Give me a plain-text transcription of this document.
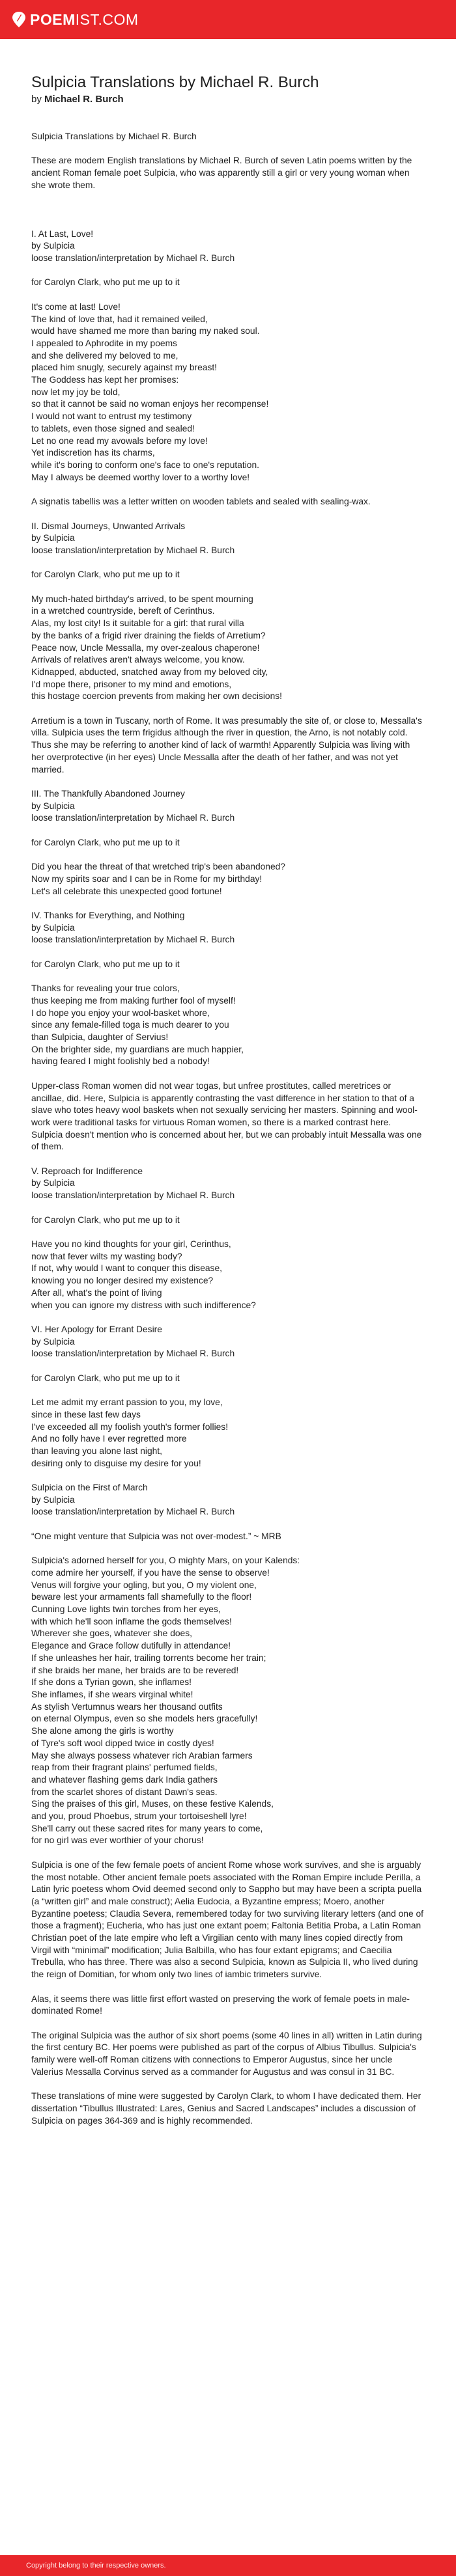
POEM IST.COM
Sulpicia Translations by Michael R. Burch
by Michael R. Burch
Sulpicia Translations by Michael R. Burch

These are modern English translations by Michael R. Burch of seven Latin poems written by the ancient Roman female poet Sulpicia, who was apparently still a girl or very young woman when she wrote them.

I. At Last, Love!
by Sulpicia
loose translation/interpretation by Michael R. Burch

for Carolyn Clark, who put me up to it

It's come at last! Love!
The kind of love that, had it remained veiled,
would have shamed me more than baring my naked soul.
I appealed to Aphrodite in my poems
and she delivered my beloved to me,
placed him snugly, securely against my breast!
The Goddess has kept her promises:
now let my joy be told,
so that it cannot be said no woman enjoys her recompense!
I would not want to entrust my testimony
to tablets, even those signed and sealed!
Let no one read my avowals before my love!
Yet indiscretion has its charms,
while it's boring to conform one's face to one's reputation.
May I always be deemed worthy lover to a worthy love!

A signatis tabellis was a letter written on wooden tablets and sealed with sealing-wax.

II. Dismal Journeys, Unwanted Arrivals
by Sulpicia
loose translation/interpretation by Michael R. Burch

for Carolyn Clark, who put me up to it

My much-hated birthday's arrived, to be spent mourning
in a wretched countryside, bereft of Cerinthus.
Alas, my lost city! Is it suitable for a girl: that rural villa
by the banks of a frigid river draining the fields of Arretium?
Peace now, Uncle Messalla, my over-zealous chaperone!
Arrivals of relatives aren't always welcome, you know.
Kidnapped, abducted, snatched away from my beloved city,
I'd mope there, prisoner to my mind and emotions,
this hostage coercion prevents from making her own decisions!

Arretium is a town in Tuscany, north of Rome. It was presumably the site of, or close to, Messalla's villa. Sulpicia uses the term frigidus although the river in question, the Arno, is not notably cold. Thus she may be referring to another kind of lack of warmth! Apparently Sulpicia was living with her overprotective (in her eyes) Uncle Messalla after the death of her father, and was not yet married.

III. The Thankfully Abandoned Journey
by Sulpicia
loose translation/interpretation by Michael R. Burch

for Carolyn Clark, who put me up to it

Did you hear the threat of that wretched trip's been abandoned?
Now my spirits soar and I can be in Rome for my birthday!
Let's all celebrate this unexpected good fortune!

IV. Thanks for Everything, and Nothing
by Sulpicia
loose translation/interpretation by Michael R. Burch

for Carolyn Clark, who put me up to it

Thanks for revealing your true colors,
thus keeping me from making further fool of myself!
I do hope you enjoy your wool-basket whore,
since any female-filled toga is much dearer to you
than Sulpicia, daughter of Servius!
On the brighter side, my guardians are much happier,
having feared I might foolishly bed a nobody!

Upper-class Roman women did not wear togas, but unfree prostitutes, called meretrices or ancillae, did. Here, Sulpicia is apparently contrasting the vast difference in her station to that of a slave who totes heavy wool baskets when not sexually servicing her masters. Spinning and wool-work were traditional tasks for virtuous Roman women, so there is a marked contrast here. Sulpicia doesn't mention who is concerned about her, but we can probably intuit Messalla was one of them.

V. Reproach for Indifference
by Sulpicia
loose translation/interpretation by Michael R. Burch

for Carolyn Clark, who put me up to it

Have you no kind thoughts for your girl, Cerinthus,
now that fever wilts my wasting body?
If not, why would I want to conquer this disease,
knowing you no longer desired my existence?
After all, what's the point of living
when you can ignore my distress with such indifference?

VI. Her Apology for Errant Desire
by Sulpicia
loose translation/interpretation by Michael R. Burch

for Carolyn Clark, who put me up to it

Let me admit my errant passion to you, my love,
since in these last few days
I've exceeded all my foolish youth's former follies!
And no folly have I ever regretted more
than leaving you alone last night,
desiring only to disguise my desire for you!

Sulpicia on the First of March
by Sulpicia
loose translation/interpretation by Michael R. Burch

“One might venture that Sulpicia was not over-modest.” ~ MRB

Sulpicia's adorned herself for you, O mighty Mars, on your Kalends:
come admire her yourself, if you have the sense to observe!
Venus will forgive your ogling, but you, O my violent one,
beware lest your armaments fall shamefully to the floor!
Cunning Love lights twin torches from her eyes,
with which he'll soon inflame the gods themselves!
Wherever she goes, whatever she does,
Elegance and Grace follow dutifully in attendance!
If she unleashes her hair, trailing torrents become her train;
if she braids her mane, her braids are to be revered!
If she dons a Tyrian gown, she inflames!
She inflames, if she wears virginal white!
As stylish Vertumnus wears her thousand outfits
on eternal Olympus, even so she models hers gracefully!
She alone among the girls is worthy
of Tyre's soft wool dipped twice in costly dyes!
May she always possess whatever rich Arabian farmers
reap from their fragrant plains' perfumed fields,
and whatever flashing gems dark India gathers
from the scarlet shores of distant Dawn's seas.
Sing the praises of this girl, Muses, on these festive Kalends,
and you, proud Phoebus, strum your tortoiseshell lyre!
She'll carry out these sacred rites for many years to come,
for no girl was ever worthier of your chorus!

Sulpicia is one of the few female poets of ancient Rome whose work survives, and she is arguably the most notable. Other ancient female poets associated with the Roman Empire include Perilla, a Latin lyric poetess whom Ovid deemed second only to Sappho but may have been a scripta puella (a “written girl” and male construct); Aelia Eudocia, a Byzantine empress; Moero, another Byzantine poetess; Claudia Severa, remembered today for two surviving literary letters (and one of those a fragment); Eucheria, who has just one extant poem; Faltonia Betitia Proba, a Latin Roman Christian poet of the late empire who left a Virgilian cento with many lines copied directly from Virgil with “minimal” modification; Julia Balbilla, who has four extant epigrams; and Caecilia Trebulla, who has three. There was also a second Sulpicia, known as Sulpicia II, who lived during the reign of Domitian, for whom only two lines of iambic trimeters survive.

Alas, it seems there was little first effort wasted on preserving the work of female poets in male-dominated Rome!

The original Sulpicia was the author of six short poems (some 40 lines in all) written in Latin during the first century BC. Her poems were published as part of the corpus of Albius Tibullus. Sulpicia's family were well-off Roman citizens with connections to Emperor Augustus, since her uncle Valerius Messalla Corvinus served as a commander for Augustus and was consul in 31 BC.

These translations of mine were suggested by Carolyn Clark, to whom I have dedicated them. Her dissertation “Tibullus Illustrated: Lares, Genius and Sacred Landscapes” includes a discussion of Sulpicia on pages 364-369 and is highly recommended.
Copyright belong to their respective owners.
